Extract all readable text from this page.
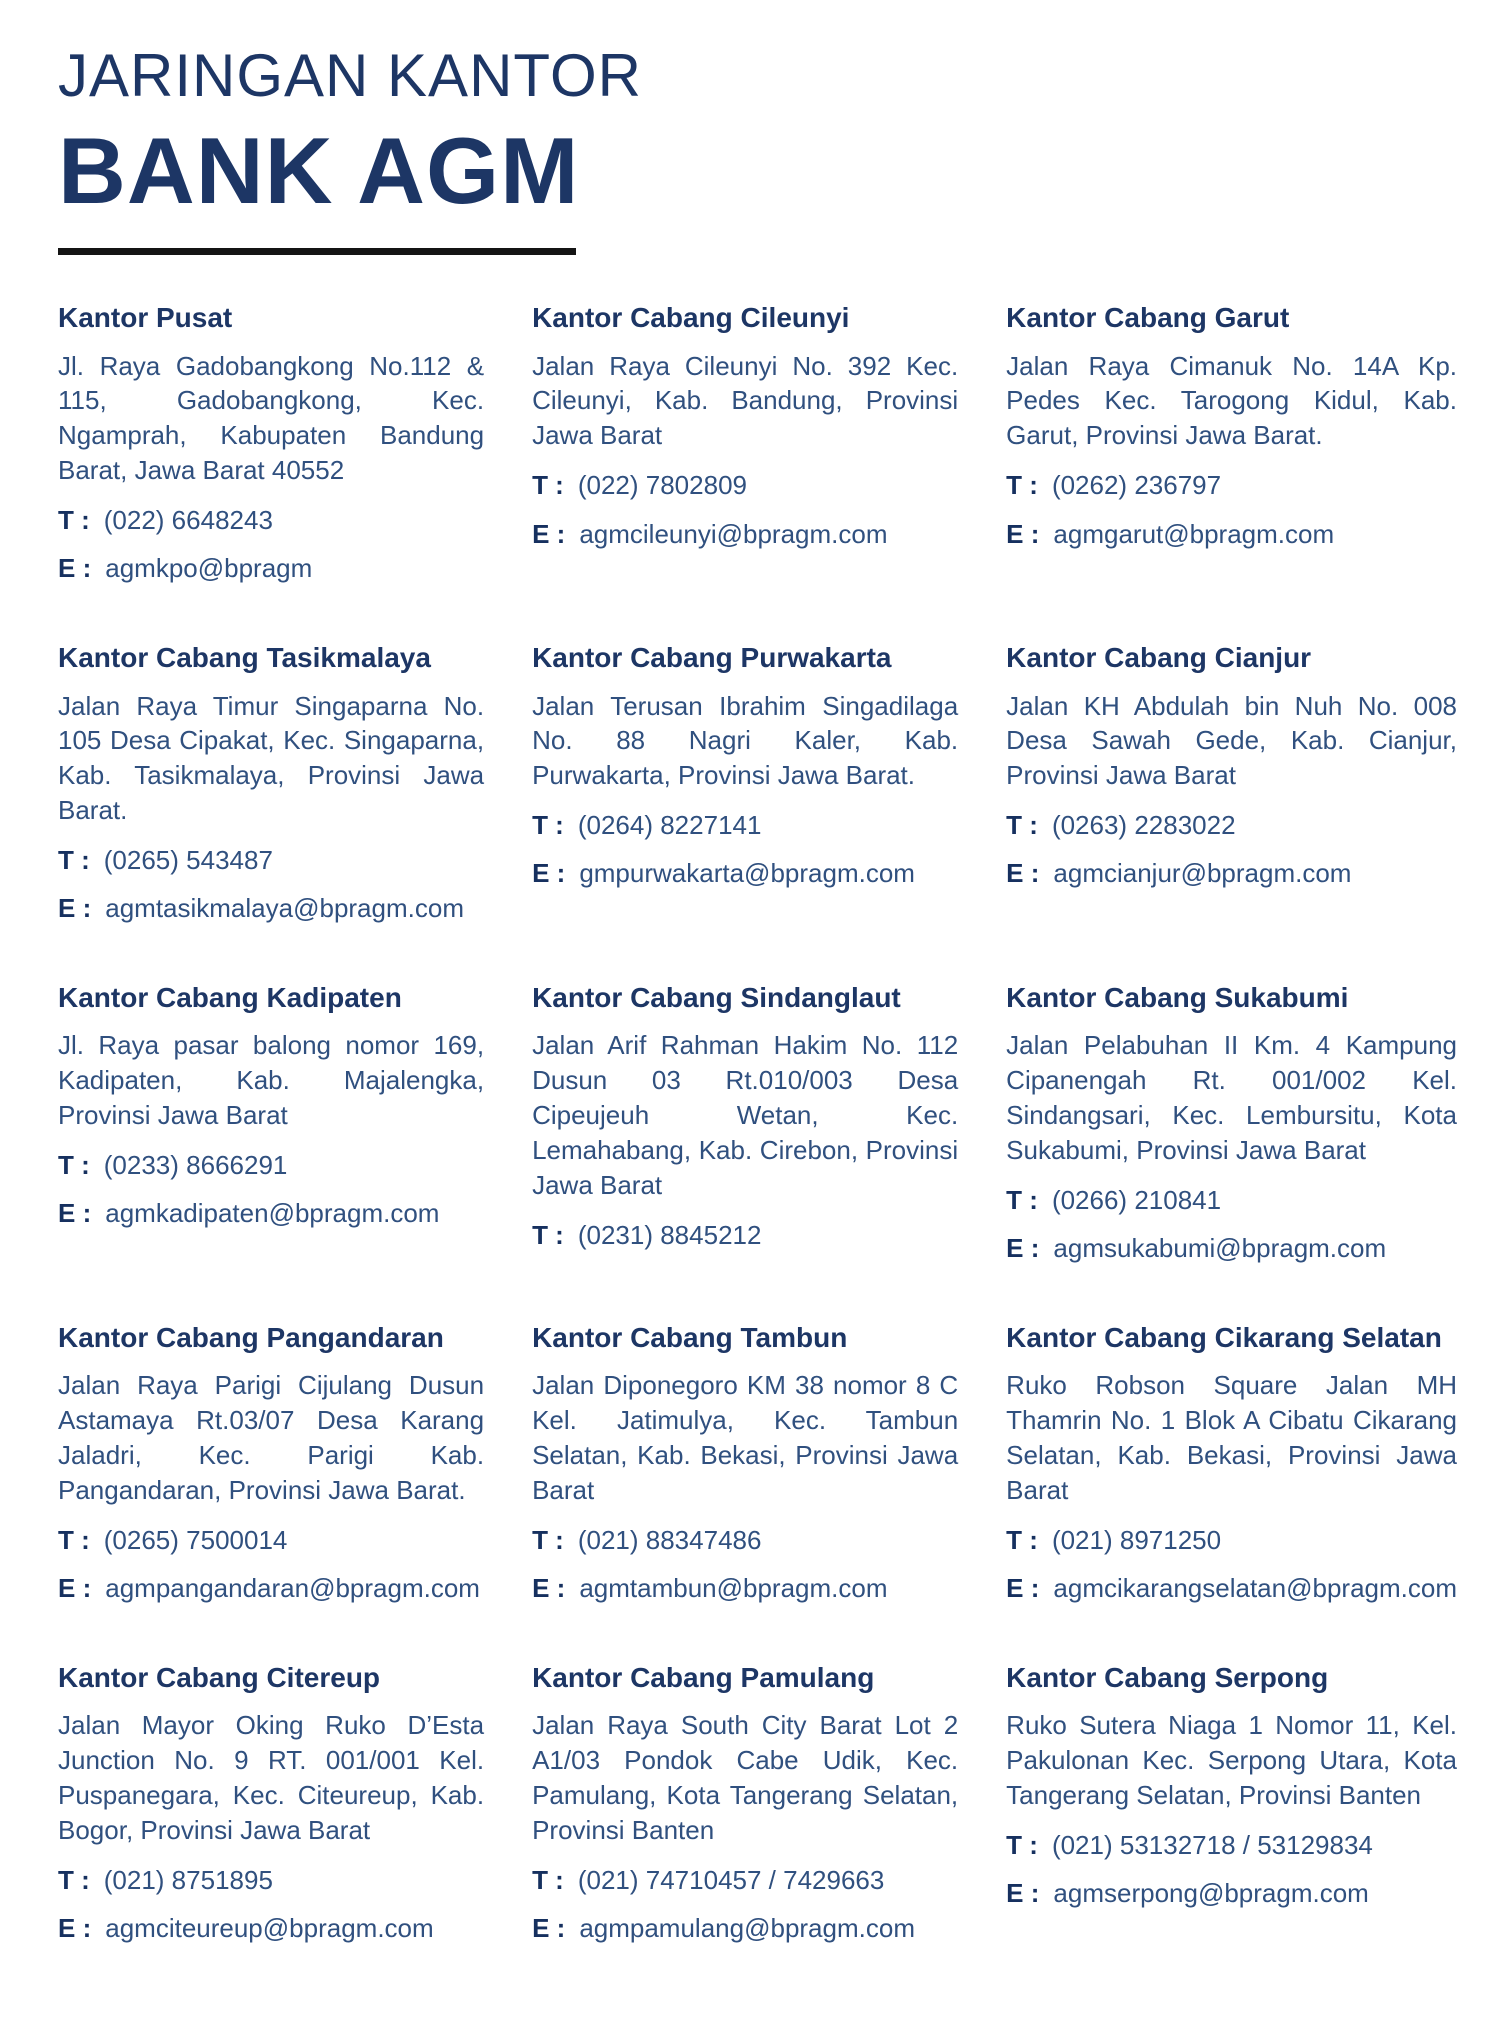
JARINGAN KANTOR
BANK AGM
Kantor Pusat

Jl. Raya Gadobangkong No.112 & 115, Gadobangkong, Kec. Ngamprah, Kabupaten Bandung Barat, Jawa Barat 40552

T : (022) 6648243
E : agmkpo@bpragm
Kantor Cabang Tasikmalaya

Jalan Raya Timur Singaparna No. 105 Desa Cipakat, Kec. Singaparna, Kab. Tasikmalaya, Provinsi Jawa Barat.

T : (0265) 543487
E : agmtasikmalaya@bpragm.com
Kantor Cabang Kadipaten

Jl. Raya pasar balong nomor 169, Kadipaten, Kab. Majalengka, Provinsi Jawa Barat

T : (0233) 8666291
E : agmkadipaten@bpragm.com
Kantor Cabang Pangandaran

Jalan Raya Parigi Cijulang Dusun Astamaya Rt.03/07 Desa Karang Jaladri, Kec. Parigi Kab. Pangandaran, Provinsi Jawa Barat.

T : (0265) 7500014
E : agmpangandaran@bpragm.com
Kantor Cabang Citereup

Jalan Mayor Oking Ruko D’Esta Junction No. 9 RT. 001/001 Kel. Puspanegara, Kec. Citeureup, Kab. Bogor, Provinsi Jawa Barat

T : (021) 8751895
E : agmciteureup@bpragm.com
Kantor Cabang Cileunyi

Jalan Raya Cileunyi No. 392 Kec. Cileunyi, Kab. Bandung, Provinsi Jawa Barat

T : (022) 7802809
E : agmcileunyi@bpragm.com
Kantor Cabang Purwakarta

Jalan Terusan Ibrahim Singadilaga No. 88 Nagri Kaler, Kab. Purwakarta, Provinsi Jawa Barat.

T : (0264) 8227141
E : gmpurwakarta@bpragm.com
Kantor Cabang Sindanglaut

Jalan Arif Rahman Hakim No. 112 Dusun 03 Rt.010/003 Desa Cipeujeuh Wetan, Kec. Lemahabang, Kab. Cirebon, Provinsi Jawa Barat

T : (0231) 8845212
Kantor Cabang Tambun

Jalan Diponegoro KM 38 nomor 8 C Kel. Jatimulya, Kec. Tambun Selatan, Kab. Bekasi, Provinsi Jawa Barat

T : (021) 88347486
E : agmtambun@bpragm.com
Kantor Cabang Pamulang

Jalan Raya South City Barat Lot 2 A1/03 Pondok Cabe Udik, Kec. Pamulang, Kota Tangerang Selatan, Provinsi Banten

T : (021) 74710457 / 7429663
E : agmpamulang@bpragm.com
Kantor Cabang Garut

Jalan Raya Cimanuk No. 14A Kp. Pedes Kec. Tarogong Kidul, Kab. Garut, Provinsi Jawa Barat.

T : (0262) 236797
E : agmgarut@bpragm.com
Kantor Cabang Cianjur

Jalan KH Abdulah bin Nuh No. 008 Desa Sawah Gede, Kab. Cianjur, Provinsi Jawa Barat

T : (0263) 2283022
E : agmcianjur@bpragm.com
Kantor Cabang Sukabumi

Jalan Pelabuhan II Km. 4 Kampung Cipanengah Rt. 001/002 Kel. Sindangsari, Kec. Lembursitu, Kota Sukabumi, Provinsi Jawa Barat

T : (0266) 210841
E : agmsukabumi@bpragm.com
Kantor Cabang Cikarang Selatan

Ruko Robson Square Jalan MH Thamrin No. 1 Blok A Cibatu Cikarang Selatan, Kab. Bekasi, Provinsi Jawa Barat

T : (021) 8971250
E : agmcikarangselatan@bpragm.com
Kantor Cabang Serpong

Ruko Sutera Niaga 1 Nomor 11, Kel. Pakulonan Kec. Serpong Utara, Kota Tangerang Selatan, Provinsi Banten

T : (021) 53132718 / 53129834
E : agmserpong@bpragm.com
